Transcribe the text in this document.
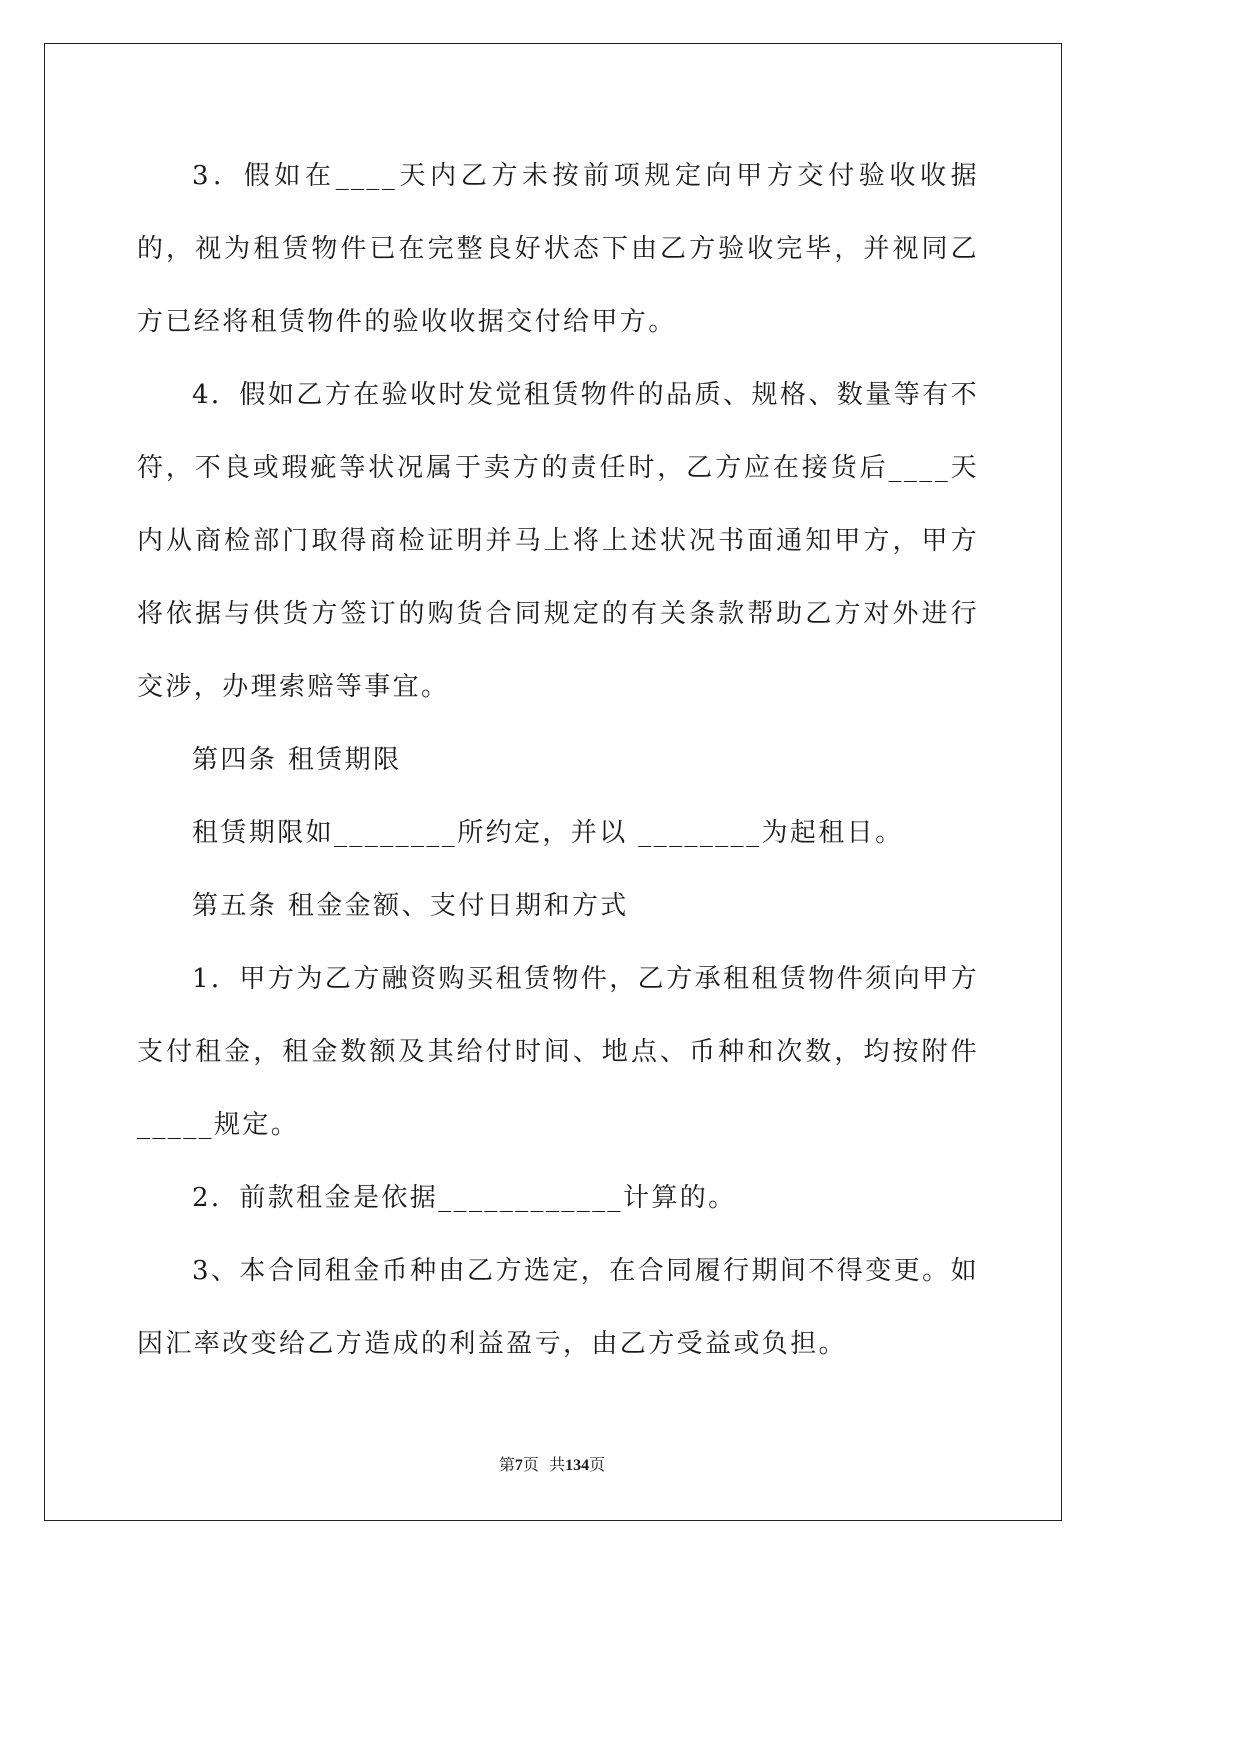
3．假如在____天内乙方未按前项规定向甲方交付验收收据的，视为租赁物件已在完整良好状态下由乙方验收完毕，并视同乙方已经将租赁物件的验收收据交付给甲方。

4．假如乙方在验收时发觉租赁物件的品质、规格、数量等有不符，不良或瑕疵等状况属于卖方的责任时，乙方应在接货后____天内从商检部门取得商检证明并马上将上述状况书面通知甲方，甲方将依据与供货方签订的购货合同规定的有关条款帮助乙方对外进行交涉，办理索赔等事宜。

第四条 租赁期限

租赁期限如________所约定，并以 ________为起租日。

第五条 租金金额、支付日期和方式

1．甲方为乙方融资购买租赁物件，乙方承租租赁物件须向甲方支付租金，租金数额及其给付时间、地点、币种和次数，均按附件_____规定。

2．前款租金是依据____________计算的。

3、本合同租金币种由乙方选定，在合同履行期间不得变更。如因汇率改变给乙方造成的利益盈亏，由乙方受益或负担。

第7页  共134页
